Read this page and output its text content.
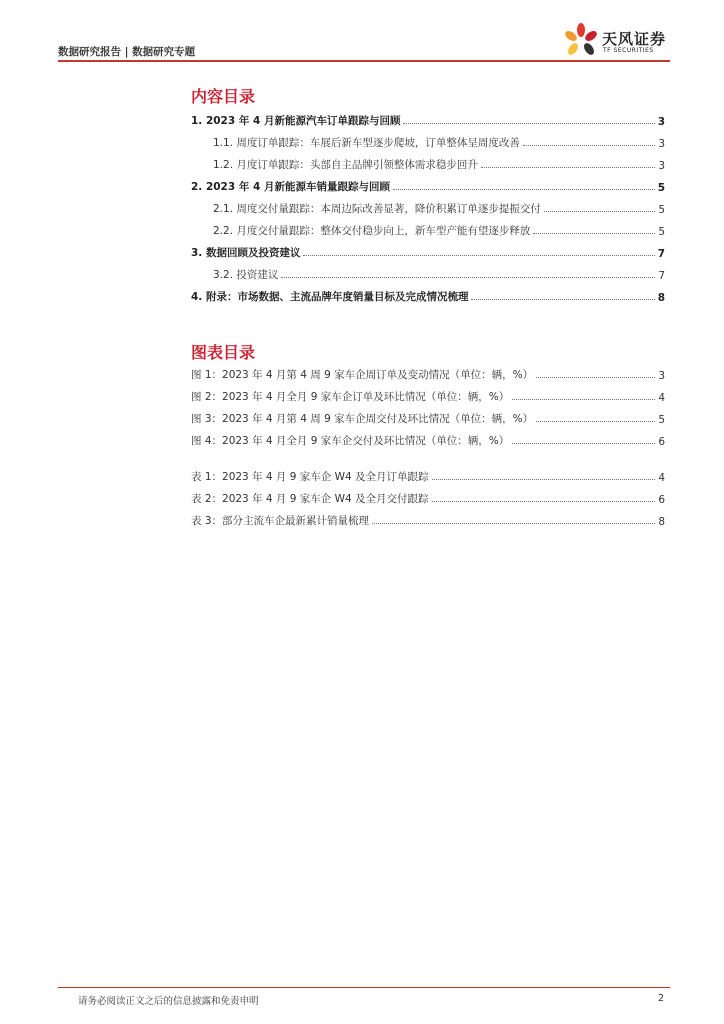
数据研究报告 | 数据研究专题
天风证券
TF SECURITIES
内容目录
1. 2023 年 4 月新能源汽车订单跟踪与回顾	3
1.1. 周度订单跟踪：车展后新车型逐步爬坡，订单整体呈周度改善	3
1.2. 月度订单跟踪：头部自主品牌引领整体需求稳步回升	3
2. 2023 年 4 月新能源车销量跟踪与回顾	5
2.1. 周度交付量跟踪：本周边际改善显著，降价积累订单逐步提振交付	5
2.2. 月度交付量跟踪：整体交付稳步向上，新车型产能有望逐步释放	5
3. 数据回顾及投资建议	7
3.2. 投资建议	7
4. 附录：市场数据、主流品牌年度销量目标及完成情况梳理	8
图表目录
图 1：2023 年 4 月第 4 周 9 家车企周订单及变动情况（单位：辆，%）	3
图 2：2023 年 4 月全月 9 家车企订单及环比情况（单位：辆，%）	4
图 3：2023 年 4 月第 4 周 9 家车企周交付及环比情况（单位：辆，%）	5
图 4：2023 年 4 月全月 9 家车企交付及环比情况（单位：辆，%）	6
表 1：2023 年 4 月 9 家车企 W4 及全月订单跟踪	4
表 2：2023 年 4 月 9 家车企 W4 及全月交付跟踪	6
表 3：部分主流车企最新累计销量梳理	8
请务必阅读正文之后的信息披露和免责申明	2
